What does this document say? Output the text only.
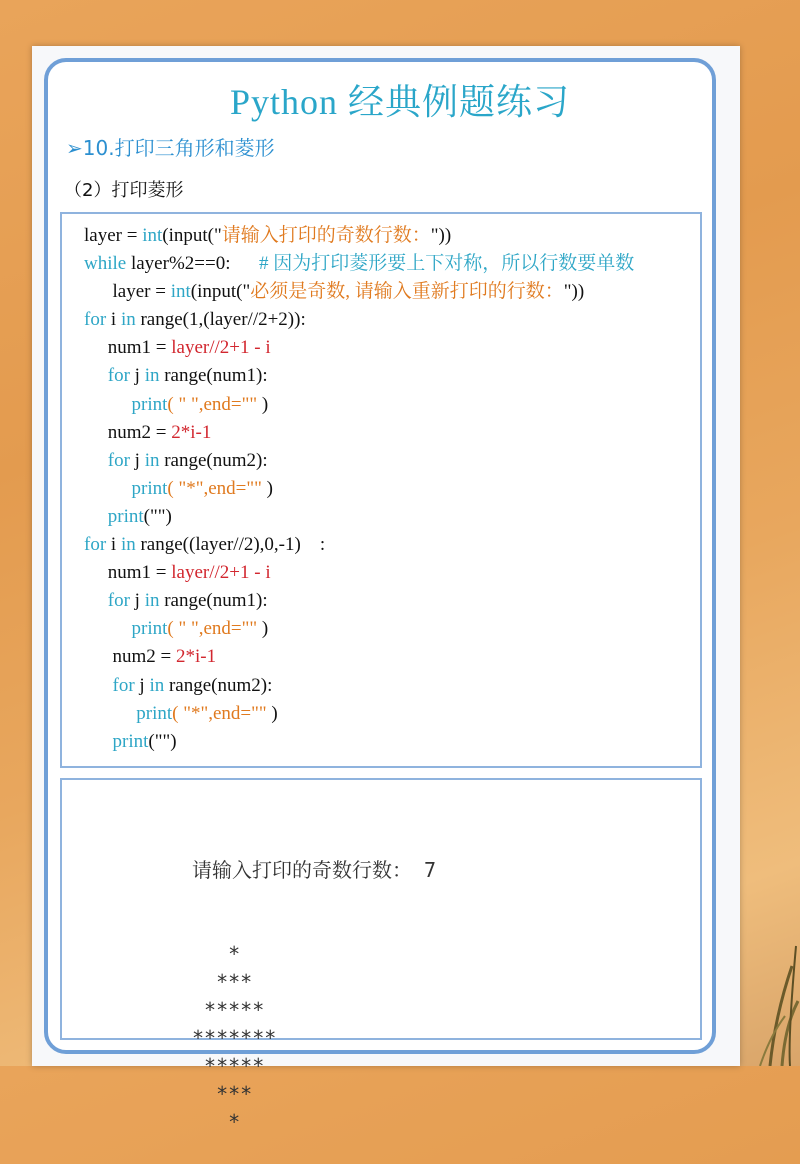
Python 经典例题练习
➢10.打印三角形和菱形
（2）打印菱形
layer = int(input("请输入打印的奇数行数："))
while layer%2==0:      # 因为打印菱形要上下对称，所以行数要单数
layer = int(input("必须是奇数, 请输入重新打印的行数："))
for i in range(1,(layer//2+2)):
num1 = layer//2+1 - i
for j in range(num1):
print( " ",end="" )
num2 = 2*i-1
for j in range(num2):
print( "*",end="" )
print("")
for i in range((layer//2),0,-1)    :
num1 = layer//2+1 - i
for j in range(num1):
print( " ",end="" )
num2 = 2*i-1
for j in range(num2):
print( "*",end="" )
print("")

请输入打印的奇数行数： 7

*
***
*****
*******
*****
***
*
